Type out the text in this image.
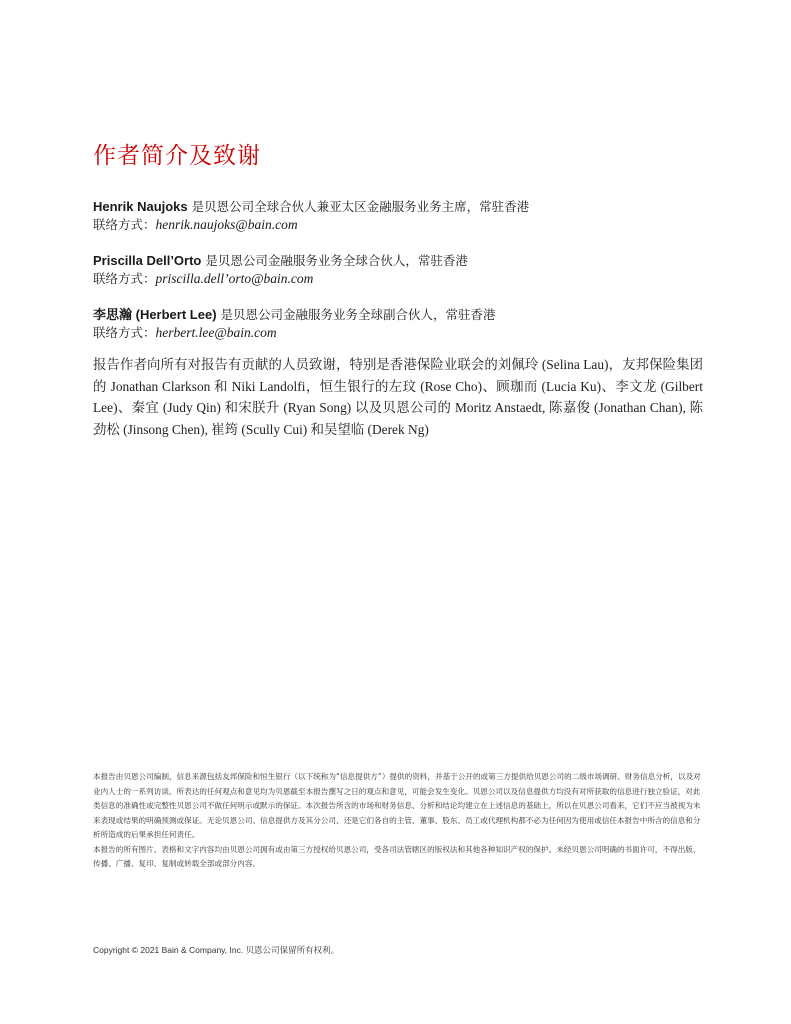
作者简介及致谢
Henrik Naujoks 是贝恩公司全球合伙人兼亚太区金融服务业务主席，常驻香港
联络方式：henrik.naujoks@bain.com
Priscilla Dell’Orto 是贝恩公司金融服务业务全球合伙人，常驻香港
联络方式：priscilla.dell’orto@bain.com
李思瀚 (Herbert Lee) 是贝恩公司金融服务业务全球副合伙人，常驻香港
联络方式：herbert.lee@bain.com

报告作者向所有对报告有贡献的人员致谢，特别是香港保险业联会的刘佩玲 (Selina Lau)，友邦保险集团的 Jonathan Clarkson 和 Niki Landolfi，恒生银行的左玟 (Rose Cho)、顾珈而 (Lucia Ku)、李文龙 (Gilbert Lee)、秦宜 (Judy Qin) 和宋朕升 (Ryan Song) 以及贝恩公司的 Moritz Anstaedt, 陈嘉俊 (Jonathan Chan), 陈劲松 (Jinsong Chen), 崔筠 (Scully Cui) 和吴望临 (Derek Ng)

本报告由贝恩公司编制，信息来源包括友邦保险和恒生银行（以下统称为“信息提供方”）提供的资料，并基于公开的或第三方提供给贝恩公司的二级市场调研、财务信息分析，以及对业内人士的一系列访谈。所表达的任何观点和意见均为贝恩截至本报告撰写之日的观点和意见，可能会发生变化。贝恩公司以及信息提供方均没有对所获取的信息进行独立验证，对此类信息的准确性或完整性贝恩公司不做任何明示或默示的保证。本次报告所含的市场和财务信息、分析和结论均建立在上述信息的基础上，所以在贝恩公司看来，它们不应当被视为未来表现或结果的明确预测或保证。无论贝恩公司、信息提供方及其分公司、还是它们各自的主管、董事、股东、员工或代理机构都不必为任何因为使用或信任本报告中所含的信息和分析所造成的后果承担任何责任。

本报告的所有图片、表格和文字内容均由贝恩公司拥有或由第三方授权给贝恩公司，受各司法管辖区的版权法和其他各种知识产权的保护。未经贝恩公司明确的书面许可，不得出版、传播、广播、复印、复制或转载全部或部分内容。

Copyright © 2021 Bain & Company, Inc. 贝恩公司保留所有权利。
